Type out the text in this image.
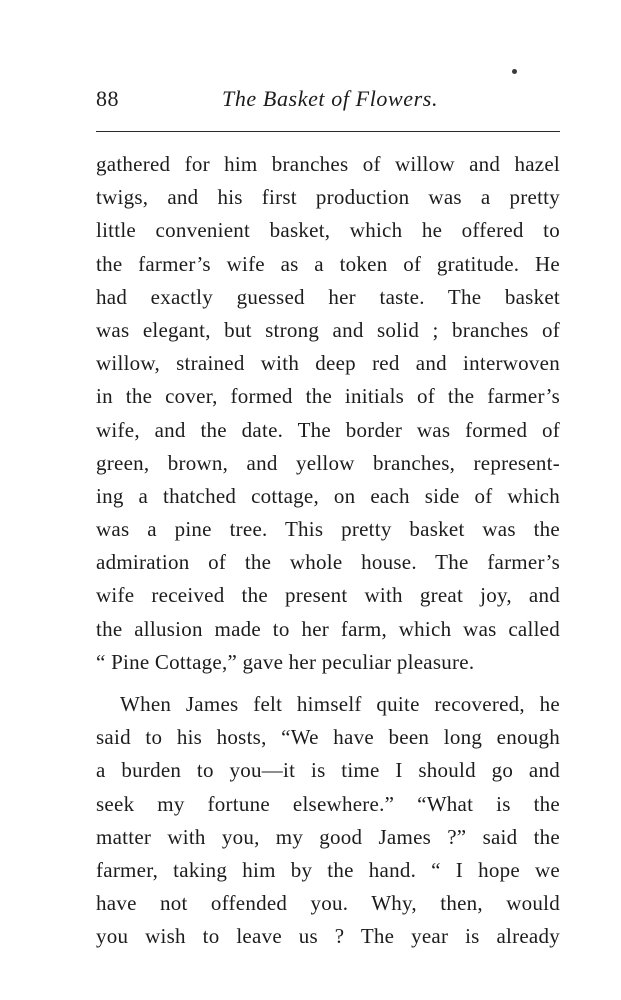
88	The Basket of Flowers.
gathered for him branches of willow and hazel
twigs, and his first production was a pretty
little convenient basket, which he offered to
the farmer’s wife as a token of gratitude. He
had exactly guessed her taste. The basket
was elegant, but strong and solid ; branches of
willow, strained with deep red and interwoven
in the cover, formed the initials of the farmer’s
wife, and the date. The border was formed of
green, brown, and yellow branches, represent-
ing a thatched cottage, on each side of which
was a pine tree. This pretty basket was the
admiration of the whole house. The farmer’s
wife received the present with great joy, and
the allusion made to her farm, which was called
“ Pine Cottage,” gave her peculiar pleasure.
When James felt himself quite recovered, he
said to his hosts, “We have been long enough
a burden to you—it is time I should go and
seek my fortune elsewhere.” “What is the
matter with you, my good James ?” said the
farmer, taking him by the hand. “ I hope we
have not offended you. Why, then, would
you wish to leave us ? The year is already
